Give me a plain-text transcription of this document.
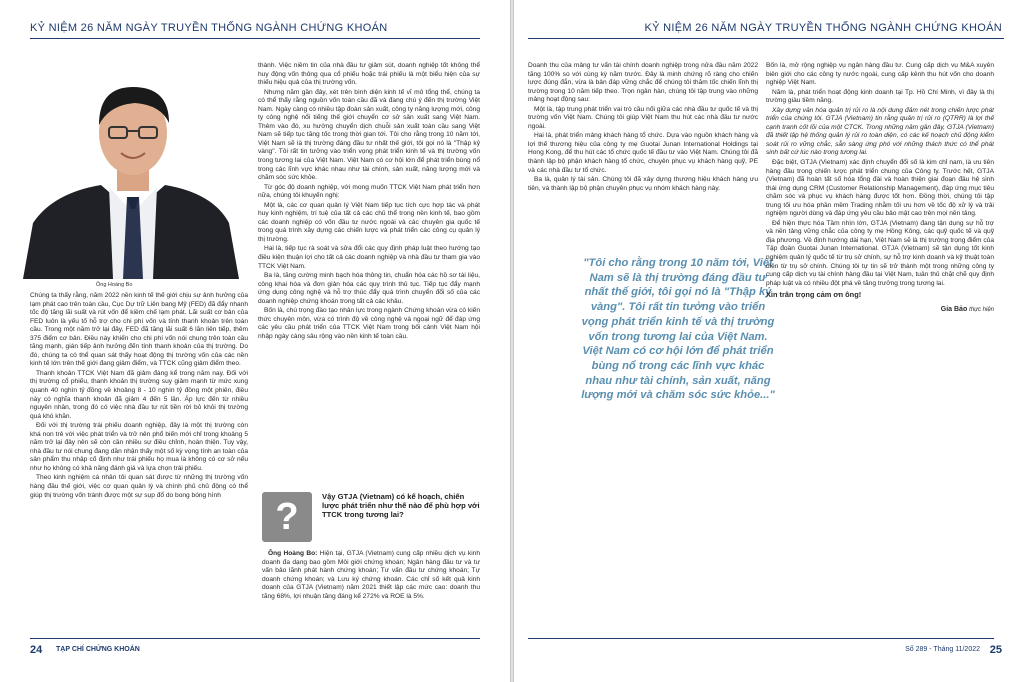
KỶ NIỆM 26 NĂM NGÀY TRUYỀN THỐNG NGÀNH CHỨNG KHOÁN
Ông Hoàng Bo

Chúng ta thấy rằng, năm 2022 nền kinh tế thế giới chịu sự ảnh hưởng của lạm phát cao trên toàn cầu, Cục Dự trữ Liên bang Mỹ (FED) đã đẩy nhanh tốc độ tăng lãi suất và rút vốn để kiềm chế lạm phát. Lãi suất cơ bản của FED luôn là yếu tố hỗ trợ cho chi phí vốn và tính thanh khoản trên toàn cầu. Trong một năm trở lại đây, FED đã tăng lãi suất 6 lần liên tiếp, thêm 375 điểm cơ bản. Điều này khiến cho chi phí vốn nói chung trên toàn cầu tăng mạnh, gián tiếp ảnh hưởng đến tính thanh khoản của thị trường. Do đó, chúng ta có thể quan sát thấy hoạt động thị trường vốn của các nền kinh tế lớn trên thế giới đang giảm điểm, và TTCK cũng giảm điểm theo.

Thanh khoản TTCK Việt Nam đã giảm đáng kể trong năm nay. Đối với thị trường cổ phiếu, thanh khoản thị trường suy giảm mạnh từ mức xung quanh 40 nghìn tỷ đồng về khoảng 8 - 10 nghìn tỷ đồng một phiên, điều này có nghĩa thanh khoản đã giảm 4 đến 5 lần. Áp lực đến từ nhiều nguyên nhân, trong đó có việc nhà đầu tư rút tiền rời bỏ khỏi thị trường quá khó khăn.

Đối với thị trường trái phiếu doanh nghiệp, đây là một thị trường còn khá non trẻ với việc phát triển và trở nên phổ biến mới chỉ trong khoảng 5 năm trở lại đây nên sẽ còn cần nhiều sự điều chỉnh, hoàn thiện. Tuy vậy, nhà đầu tư nói chung đang dần nhận thấy một số kỳ vọng tính an toàn của sản phẩm thu nhập cố định như trái phiếu họ mua là không có cơ sở nếu như họ không có khả năng đánh giá và lựa chọn trái phiếu.

Theo kinh nghiệm cá nhân tôi quan sát được từ những thị trường vốn hàng đầu thế giới, việc cơ quan quản lý và chính phủ chủ động có thể giúp thị trường vốn tránh được một sự sụp đổ do bong bóng hình

thành. Việc niềm tin của nhà đầu tư giảm sút, doanh nghiệp tốt không thể huy động vốn thông qua cổ phiếu hoặc trái phiếu là một biểu hiện của sự thiếu hiệu quả của thị trường vốn.

Nhưng năm gần đây, xét trên bình diện kinh tế vĩ mô tổng thể, chúng ta có thể thấy rằng nguồn vốn toàn cầu đã và đang chú ý đến thị trường Việt Nam. Ngày càng có nhiều tập đoàn sản xuất, công ty năng lượng mới, công ty công nghệ nổi tiếng thế giới chuyển cơ sở sản xuất sang Việt Nam. Thêm vào đó, xu hướng chuyển dịch chuỗi sản xuất toàn cầu sang Việt Nam sẽ tiếp tục tăng tốc trong thời gian tới. Tôi cho rằng trong 10 năm tới, Việt Nam sẽ là thị trường đáng đầu tư nhất thế giới, tôi gọi nó là "Thập kỷ vàng". Tôi rất tin tưởng vào triển vọng phát triển kinh tế và thị trường vốn trong tương lai của Việt Nam. Việt Nam có cơ hội lớn để phát triển bùng nổ trong các lĩnh vực khác nhau như tài chính, sản xuất, năng lượng mới và chăm sóc sức khỏe.

Từ góc độ doanh nghiệp, với mong muốn TTCK Việt Nam phát triển hơn nữa, chúng tôi khuyến nghị:

Một là, các cơ quan quản lý Việt Nam tiếp tục tích cực hợp tác và phát huy kinh nghiệm, trí tuệ của tất cả các chủ thể trong nền kinh tế, bao gồm các doanh nghiệp có vốn đầu tư nước ngoài và các chuyên gia quốc tế trong quá trình xây dựng các chiến lược và phát triển các công cụ quản lý thị trường.

Hai là, tiếp tục rà soát và sửa đổi các quy định pháp luật theo hướng tạo điều kiện thuận lợi cho tất cả các doanh nghiệp và nhà đầu tư tham gia vào TTCK Việt Nam.

Ba là, tăng cường minh bạch hóa thông tin, chuẩn hóa các hồ sơ tài liệu, công khai hóa và đơn giản hóa các quy trình thủ tục. Tiếp tục đẩy mạnh ứng dụng công nghệ và hỗ trợ thúc đẩy quá trình chuyển đổi số của các doanh nghiệp chứng khoán trong tất cả các khâu.

Bốn là, chú trọng đào tạo nhân lực trong ngành Chứng khoán vừa có kiến thức chuyên môn, vừa có trình độ về công nghệ và ngoại ngữ để đáp ứng các yêu cầu phát triển của TTCK Việt Nam trong bối cảnh Việt Nam hội nhập ngày càng sâu rộng vào nền kinh tế toàn cầu.

?	Vậy GTJA (Vietnam) có kế hoạch, chiến lược phát triển như thế nào để phù hợp với TTCK trong tương lai?

Ông Hoàng Bo: Hiện tại, GTJA (Vietnam) cung cấp nhiều dịch vụ kinh doanh đa dạng bao gồm Môi giới chứng khoán; Ngân hàng đầu tư và tư vấn bảo lãnh phát hành chứng khoán; Tư vấn đầu tư chứng khoán; Tự doanh chứng khoán; và Lưu ký chứng khoán. Các chỉ số kết quả kinh doanh của GTJA (Vietnam) năm 2021 thiết lập các mức cao: doanh thu tăng 68%, lợi nhuận tăng đáng kể 272% và ROE là 5%.

24 TẠP CHÍ CHỨNG KHOÁN
KỶ NIỆM 26 NĂM NGÀY TRUYỀN THỐNG NGÀNH CHỨNG KHOÁN

Doanh thu của mảng tư vấn tài chính doanh nghiệp trong nửa đầu năm 2022 tăng 100% so với cùng kỳ năm trước. Đây là minh chứng rõ ràng cho chiến lược đúng đắn, vừa là bản đáp vững chắc để chúng tôi thăm tốc chiến lĩnh thị trường trong 10 năm tiếp theo. Trọn ngân hàn, chúng tôi tập trung vào những mảng hoạt động sau:

Một là, tập trung phát triển vai trò cầu nối giữa các nhà đầu tư quốc tế và thị trường vốn Việt Nam. Chúng tôi giúp Việt Nam thu hút các nhà đầu tư nước ngoài.

Hai là, phát triển mảng khách hàng tổ chức. Dựa vào nguồn khách hàng và lợi thế thương hiệu của công ty mẹ Guotai Junan International Holdings tại Hong Kong, để thu hút các tổ chức quốc tế đầu tư vào Việt Nam. Chúng tôi đã thành lập bộ phận khách hàng tổ chức, chuyên phục vụ khách hàng quỹ, PE và các nhà đầu tư tổ chức.

Ba là, quản lý tài sản. Chúng tôi đã xây dựng thương hiệu khách hàng ưu tiên, và thành lập bộ phận chuyên phục vụ nhóm khách hàng này.

"Tôi cho rằng trong 10 năm tới, Việt Nam sẽ là thị trường đáng đầu tư nhất thế giới, tôi gọi nó là "Thập kỷ vàng". Tôi rất tin tưởng vào triển vọng phát triển kinh tế và thị trường vốn trong tương lai của Việt Nam. Việt Nam có cơ hội lớn để phát triển bùng nổ trong các lĩnh vực khác nhau như tài chính, sản xuất, năng lượng mới và chăm sóc sức khỏe..."

Bốn là, mở rộng nghiệp vụ ngân hàng đầu tư. Cung cấp dịch vụ M&A xuyên biên giới cho các công ty nước ngoài, cung cấp kênh thu hút vốn cho doanh nghiệp Việt Nam.

Năm là, phát triển hoạt động kinh doanh tại Tp. Hồ Chí Minh, vì đây là thị trường giàu tiềm năng.

Xây dựng văn hóa quản trị rủi ro là nội dung đảm nét trong chiến lược phát triển của chúng tôi. GTJA (Vietnam) tin rằng quản trị rủi ro (QTRR) là lợi thế cạnh tranh cốt lõi của một CTCK. Trong những năm gần đây, GTJA (Vietnam) đã thiết lập hệ thống quản lý rủi ro toàn diện, có các kế hoạch chủ động kiểm soát rủi ro vững chắc, sẵn sàng ứng phó với những thách thức có thể phát sinh bất cứ lúc nào trong tương lai.

Đặc biệt, GTJA (Vietnam) xác định chuyển đổi số là kim chỉ nam, là ưu tiên hàng đầu trong chiến lược phát triển chung của Công ty. Trước hết, GTJA (Vietnam) đã hoàn tất số hóa tổng đài và hoàn thiện giai đoạn đầu hệ sinh thái ứng dụng CRM (Customer Relationship Management), đáp ứng mục tiêu chăm sóc và phục vụ khách hàng được tốt hơn. Đồng thời, chúng tôi tập trung tối ưu hóa phần mềm Trading nhằm tối ưu hơn về tốc độ xử lý và trải nghiệm người dùng và đáp ứng yêu cầu bảo mật cao trên mọi nền tảng.

Để hiện thực hóa Tầm nhìn lớn, GTJA (Vietnam) đang tận dụng sự hỗ trợ và nền tảng vững chắc của công ty mẹ Hồng Kông, các quỹ quốc tế và quỹ địa phương. Về định hướng dài hạn, Việt Nam sẽ là thị trường trọng điểm của Tập đoàn Guotai Junan International. GTJA (Vietnam) sẽ tận dụng tốt kinh nghiệm quản lý quốc tế từ trụ sở chính, sự hỗ trợ kinh doanh và kỹ thuật toàn diện từ trụ sở chính. Chúng tôi tự tin sẽ trở thành một trong những công ty cung cấp dịch vụ tài chính hàng đầu tại Việt Nam, tuân thủ chặt chẽ quy định pháp luật và có nhiều đột phá về tăng trưởng trong tương lai.

Xin trân trọng cảm ơn ông!

Gia Bảo thực hiện

Số 289 - Tháng 11/2022 25
